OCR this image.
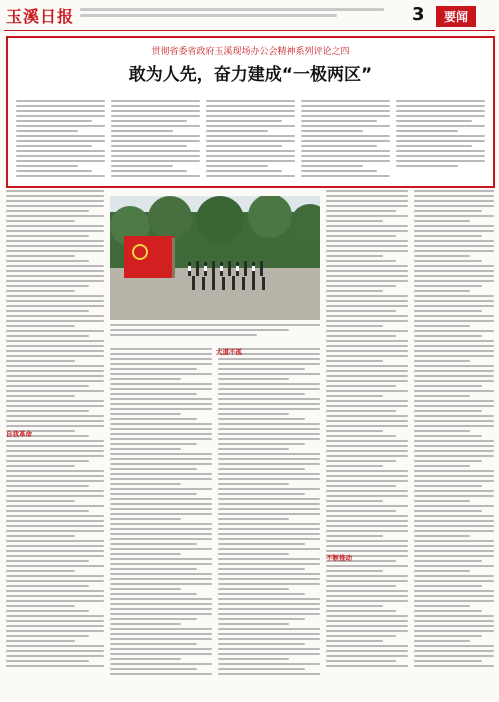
玉溪日报	3	要闻
贯彻省委省政府玉溪现场办公会精神系列评论之四
敢为人先，奋力建成“一极两区”
自我革命
大道不孤
不断推动
